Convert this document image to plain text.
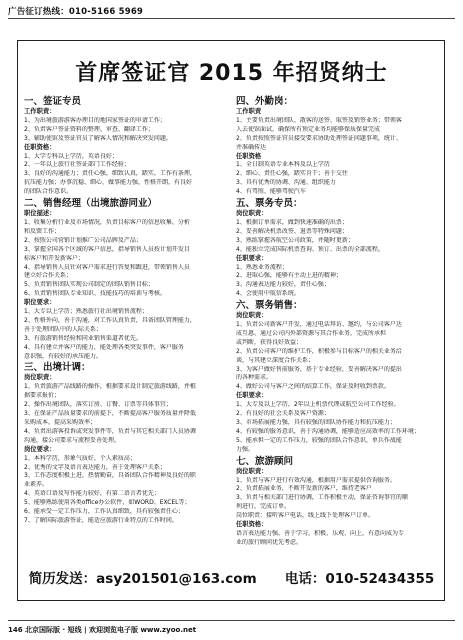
广告征订热线：010-5166 5969
首席签证官 2015 年招贤纳士
一、签证专员
工作职责：
1、为出境旅游游客办理目的地国家签证的申请工作；
2、负责客户签证资料的整理、审查、翻译工作；
3、辅助使馆及签证官员了解客人情况和解决突发问题。
任职资格：
1、大学专科以上学历，英语良好；
2、一年以上旅行社签证部门工作经验；
3、良好的沟通能力；责任心强，细致认真，踏实，工作有条理，
抗压能力强；办事沉稳、细心、做事能力强，性格开朗，有良好
的团队合作意识。
二、销售经理（出境旅游同业）
职位描述：
1、收集分析行业及市场情况，负责目标客户的信息收集、分析
和反馈工作；
2、按照公司营销计划推广公司品牌及产品；
3、掌握全国各个区域的客户信息，指导销售人员按计划开发目
标客户和开发新客户；
4、指导销售人员针对客户需求进行答复和跟进，带领销售人员
建立好合作关系；
5、负责销售团队实现公司制定的团队销售目标；
6、负责销售团队专业知识、技能技巧的培训与考核。
职位要求：
1、大专以上学历；熟悉旅行社出境销售流程；
2、性格外向，善于沟通，对工作认真负责，具备团队管理能力，
善于处理团队中的人际关系；
3、有旅游销售经验和同业销售渠道者优先。
4、具有建立并客户的能力，能处理各类突发事件，客户服务
意识强，有较好的承压能力。
三、出境计调：
岗位职责：
1、负责旅游产品线路的操作，根据要求设计制定旅游线路，并根
据要求报价；
2、操作出境团队，落实订房、订餐、订票等具体事宜；
3、在保证产品质量要求的前提下，不断提高客户服务质量并降低
采购成本，提高采购效率；
4、负责出游客投诉或突发事件等，负责与其它相关部门人员协调
沟通，接公司要求与流程妥善处理。
岗位要求：
1、本科学历，形象气质好，个人素质高；
2、优秀的文字及语言表达能力，善于处理客户关系；
3、工作态度积极上进，热情勤奋，具备团队合作精神及良好的职
业素养。
4、英语口语及写作能力较好，有第二语言者优先；
5、能够熟练使用各类office办公软件，如WORD、EXCEL等；
6、能承受一定工作压力，工作认真细致，具有较强责任心；
7、了解国际旅游签证，能适应旅游行业特点的工作时间。
四、外勤岗：
工作职责
1、主要负责出境团队、散客的送签、取签及销签业务；带领客
人去使馆面试，确保所有预定业务均能够保质保量完成
2、负责按照签证官员接受要求协助处理签证问题事项，统计、
并准确传达
任职资格
1、全日制英语专业本科及以上学历
2、细心、责任心强，踏实肯干；善于交往
3、具有优秀的协调、沟通、组织能力
4、有驾照、能够驾驶汽车
五、票务专员：
岗位职责：
1、根据订单需求，做到快速准确的出票；
2、妥善解决机票改签、退票等特殊问题；
3、熟练掌握各航空公司政策，并随时更新；
4、能独立完成国际机票查询、预订、出票的全部流程。
任职要求：
1、熟悉业务流程；
2、进取心强，能够有主动上进的精神；
3、沟通表达能力较好，责任心强；
4、会使用中航信系统。
六、票务销售：
岗位职责：
1、负责公司新客户开发，通过电话拜访、邀约，与公司客户达
成互惠、通过公司内外部资源与其合作业务，完成所承担
或判断，获得良好效益；
2、负责公司客户的维护工作，积极参与目标客户的相关业务洽
谈，与其建立深度合作关系；
3、为客户做好售前服务，基于专业经验，妥善解决客户的提出
的各种需求。
4、做好公司与客户之间的结算工作，保证及时收到票款。
任职要求：
1、大专及以上学历，2年以上机票代理或航空公司工作经验。
2、有良好的社会关系及客户资源；
3、市场拓展能力强，具有较强的团队协作能力和抗压能力；
4、有较强的服务意识，善于沟通协调，能够适应高效率的工作环境；
5、能承担一定的工作压力，较强的团队合作意识，单兵作战能
力强。
七、旅游顾问
岗位职责：
1、负责与客户进行有效沟通，根据用户需求提供咨询服务。
2、负责拓展业务，不断开发新的客户，维持老客户
3、负责与相关部门进行协调，工作积极主动，保证咨询事宜的顺
利进行，完成订单。
岗位职责：接听客户电话，线上线下处理客户订单。
任职资格：
语言表达能力强，善于学习，积极、乐观、向上，有意向成为专
业的旅行顾问优先考虑。
简历发送：asy201501@163.com 电话：010-52434355
146 北京国际版 · 短线 | 欢迎浏览电子版 www.zyoo.net
